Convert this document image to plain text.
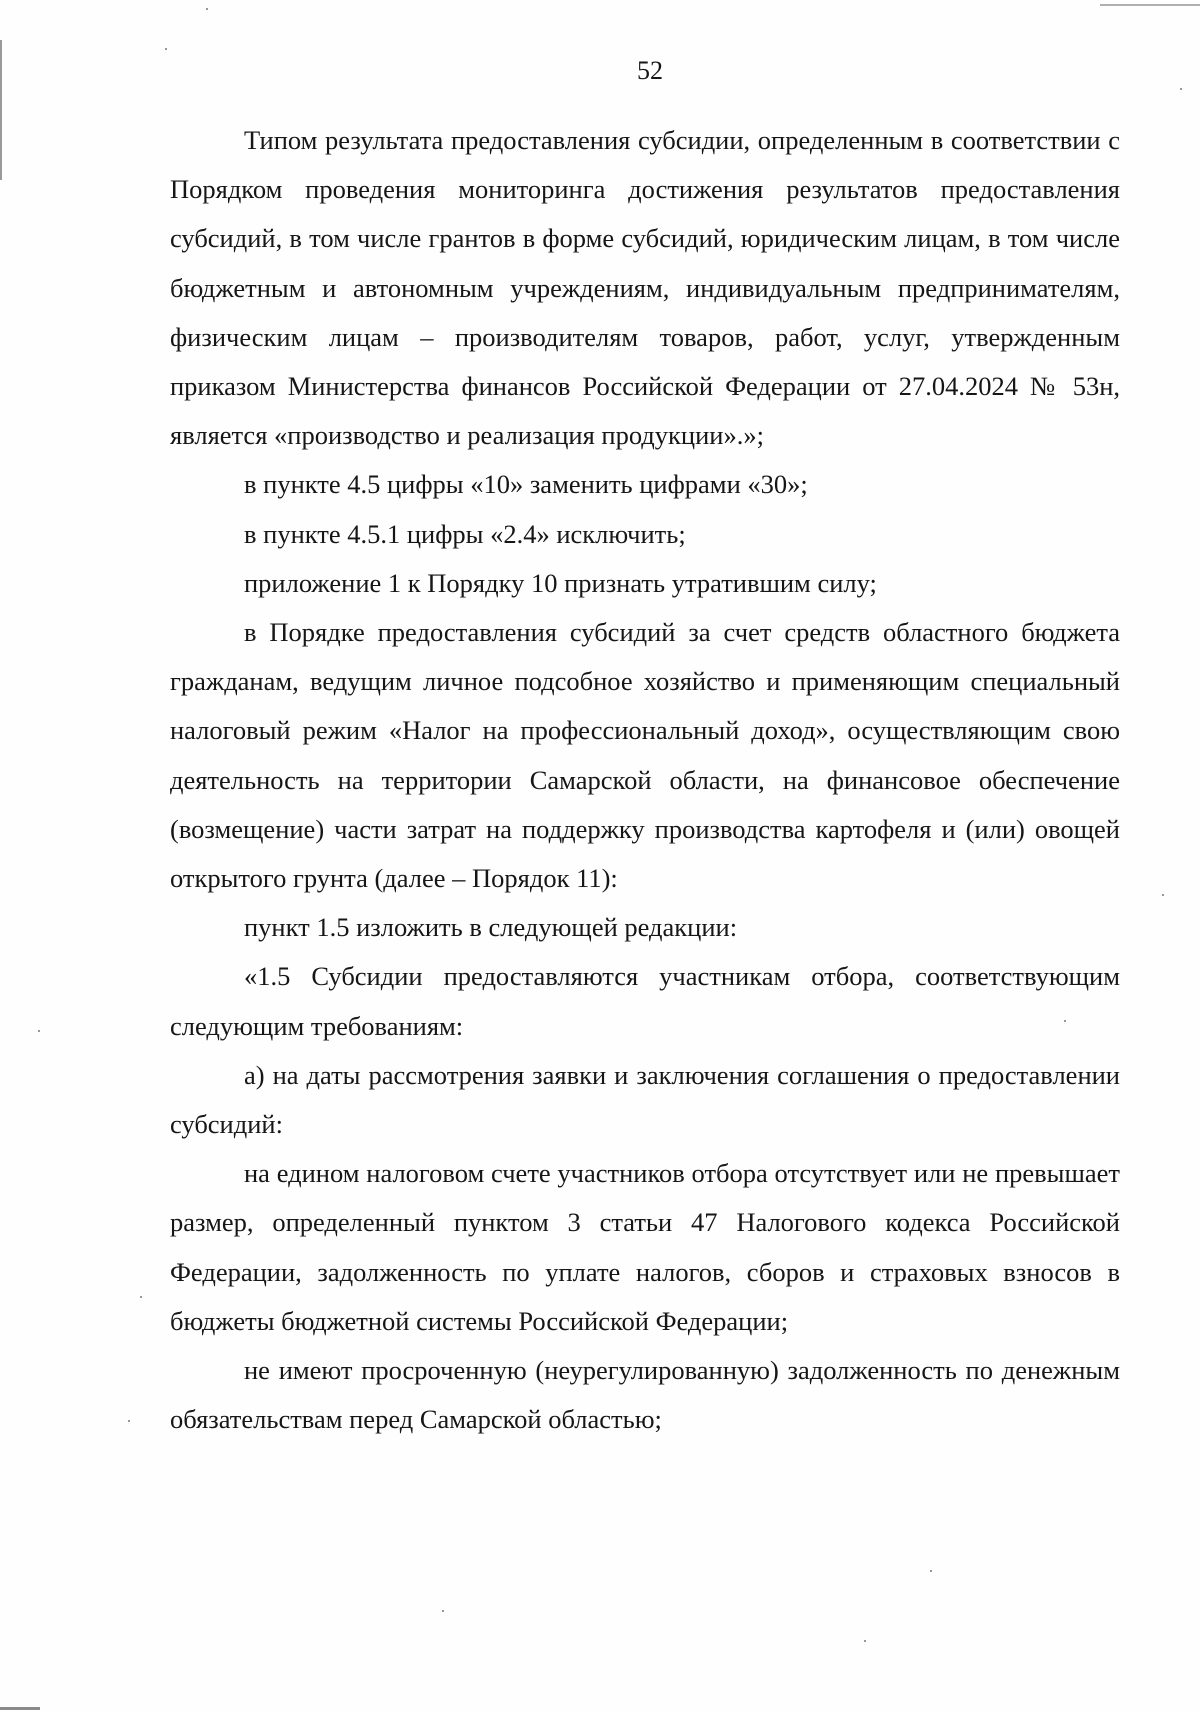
52

Типом результата предоставления субсидии, определенным в соответствии с Порядком проведения мониторинга достижения результатов предоставления субсидий, в том числе грантов в форме субсидий, юридическим лицам, в том числе бюджетным и автономным учреждениям, индивидуальным предпринимателям, физическим лицам – производителям товаров, работ, услуг, утвержденным приказом Министерства финансов Российской Федерации от 27.04.2024 № 53н, является «производство и реализация продукции».»;

в пункте 4.5 цифры «10» заменить цифрами «30»;

в пункте 4.5.1 цифры «2.4» исключить;

приложение 1 к Порядку 10 признать утратившим силу;

в Порядке предоставления субсидий за счет средств областного бюджета гражданам, ведущим личное подсобное хозяйство и применяющим специальный налоговый режим «Налог на профессиональный доход», осуществляющим свою деятельность на территории Самарской области, на финансовое обеспечение (возмещение) части затрат на поддержку производства картофеля и (или) овощей открытого грунта (далее – Порядок 11):

пункт 1.5 изложить в следующей редакции:

«1.5 Субсидии предоставляются участникам отбора, соответствующим следующим требованиям:

а) на даты рассмотрения заявки и заключения соглашения о предоставлении субсидий:

на едином налоговом счете участников отбора отсутствует или не превышает размер, определенный пунктом 3 статьи 47 Налогового кодекса Российской Федерации, задолженность по уплате налогов, сборов и страховых взносов в бюджеты бюджетной системы Российской Федерации;

не имеют просроченную (неурегулированную) задолженность по денежным обязательствам перед Самарской областью;
